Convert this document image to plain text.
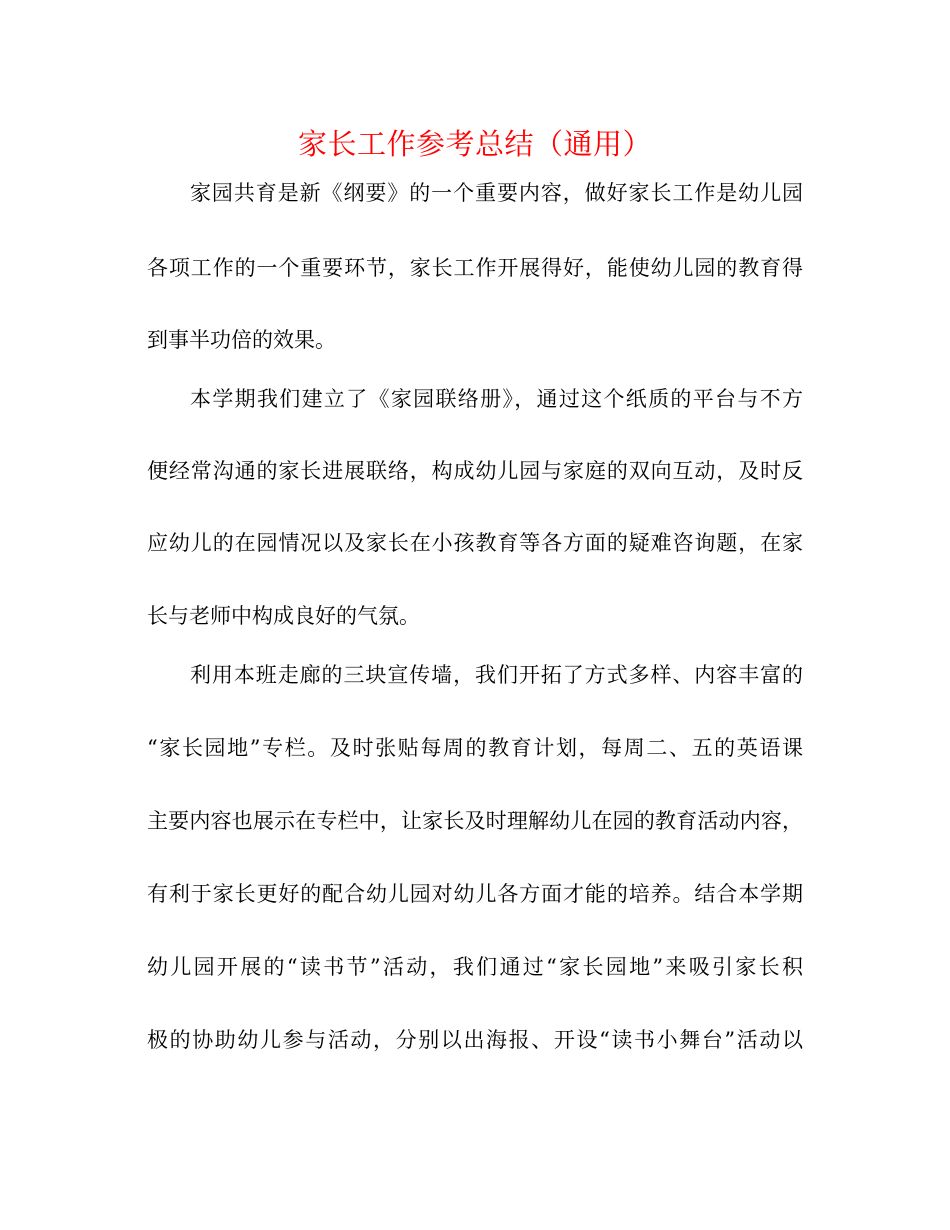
家长工作参考总结（通用）
家园共育是新《纲要》的一个重要内容，做好家长工作是幼儿园
各项工作的一个重要环节，家长工作开展得好，能使幼儿园的教育得
到事半功倍的效果。
本学期我们建立了《家园联络册》，通过这个纸质的平台与不方
便经常沟通的家长进展联络，构成幼儿园与家庭的双向互动，及时反
应幼儿的在园情况以及家长在小孩教育等各方面的疑难咨询题，在家
长与老师中构成良好的气氛。
利用本班走廊的三块宣传墙，我们开拓了方式多样、内容丰富的
“家长园地”专栏。及时张贴每周的教育计划，每周二、五的英语课
主要内容也展示在专栏中，让家长及时理解幼儿在园的教育活动内容，
有利于家长更好的配合幼儿园对幼儿各方面才能的培养。结合本学期
幼儿园开展的“读书节”活动，我们通过“家长园地”来吸引家长积
极的协助幼儿参与活动，分别以出海报、开设“读书小舞台”活动以
